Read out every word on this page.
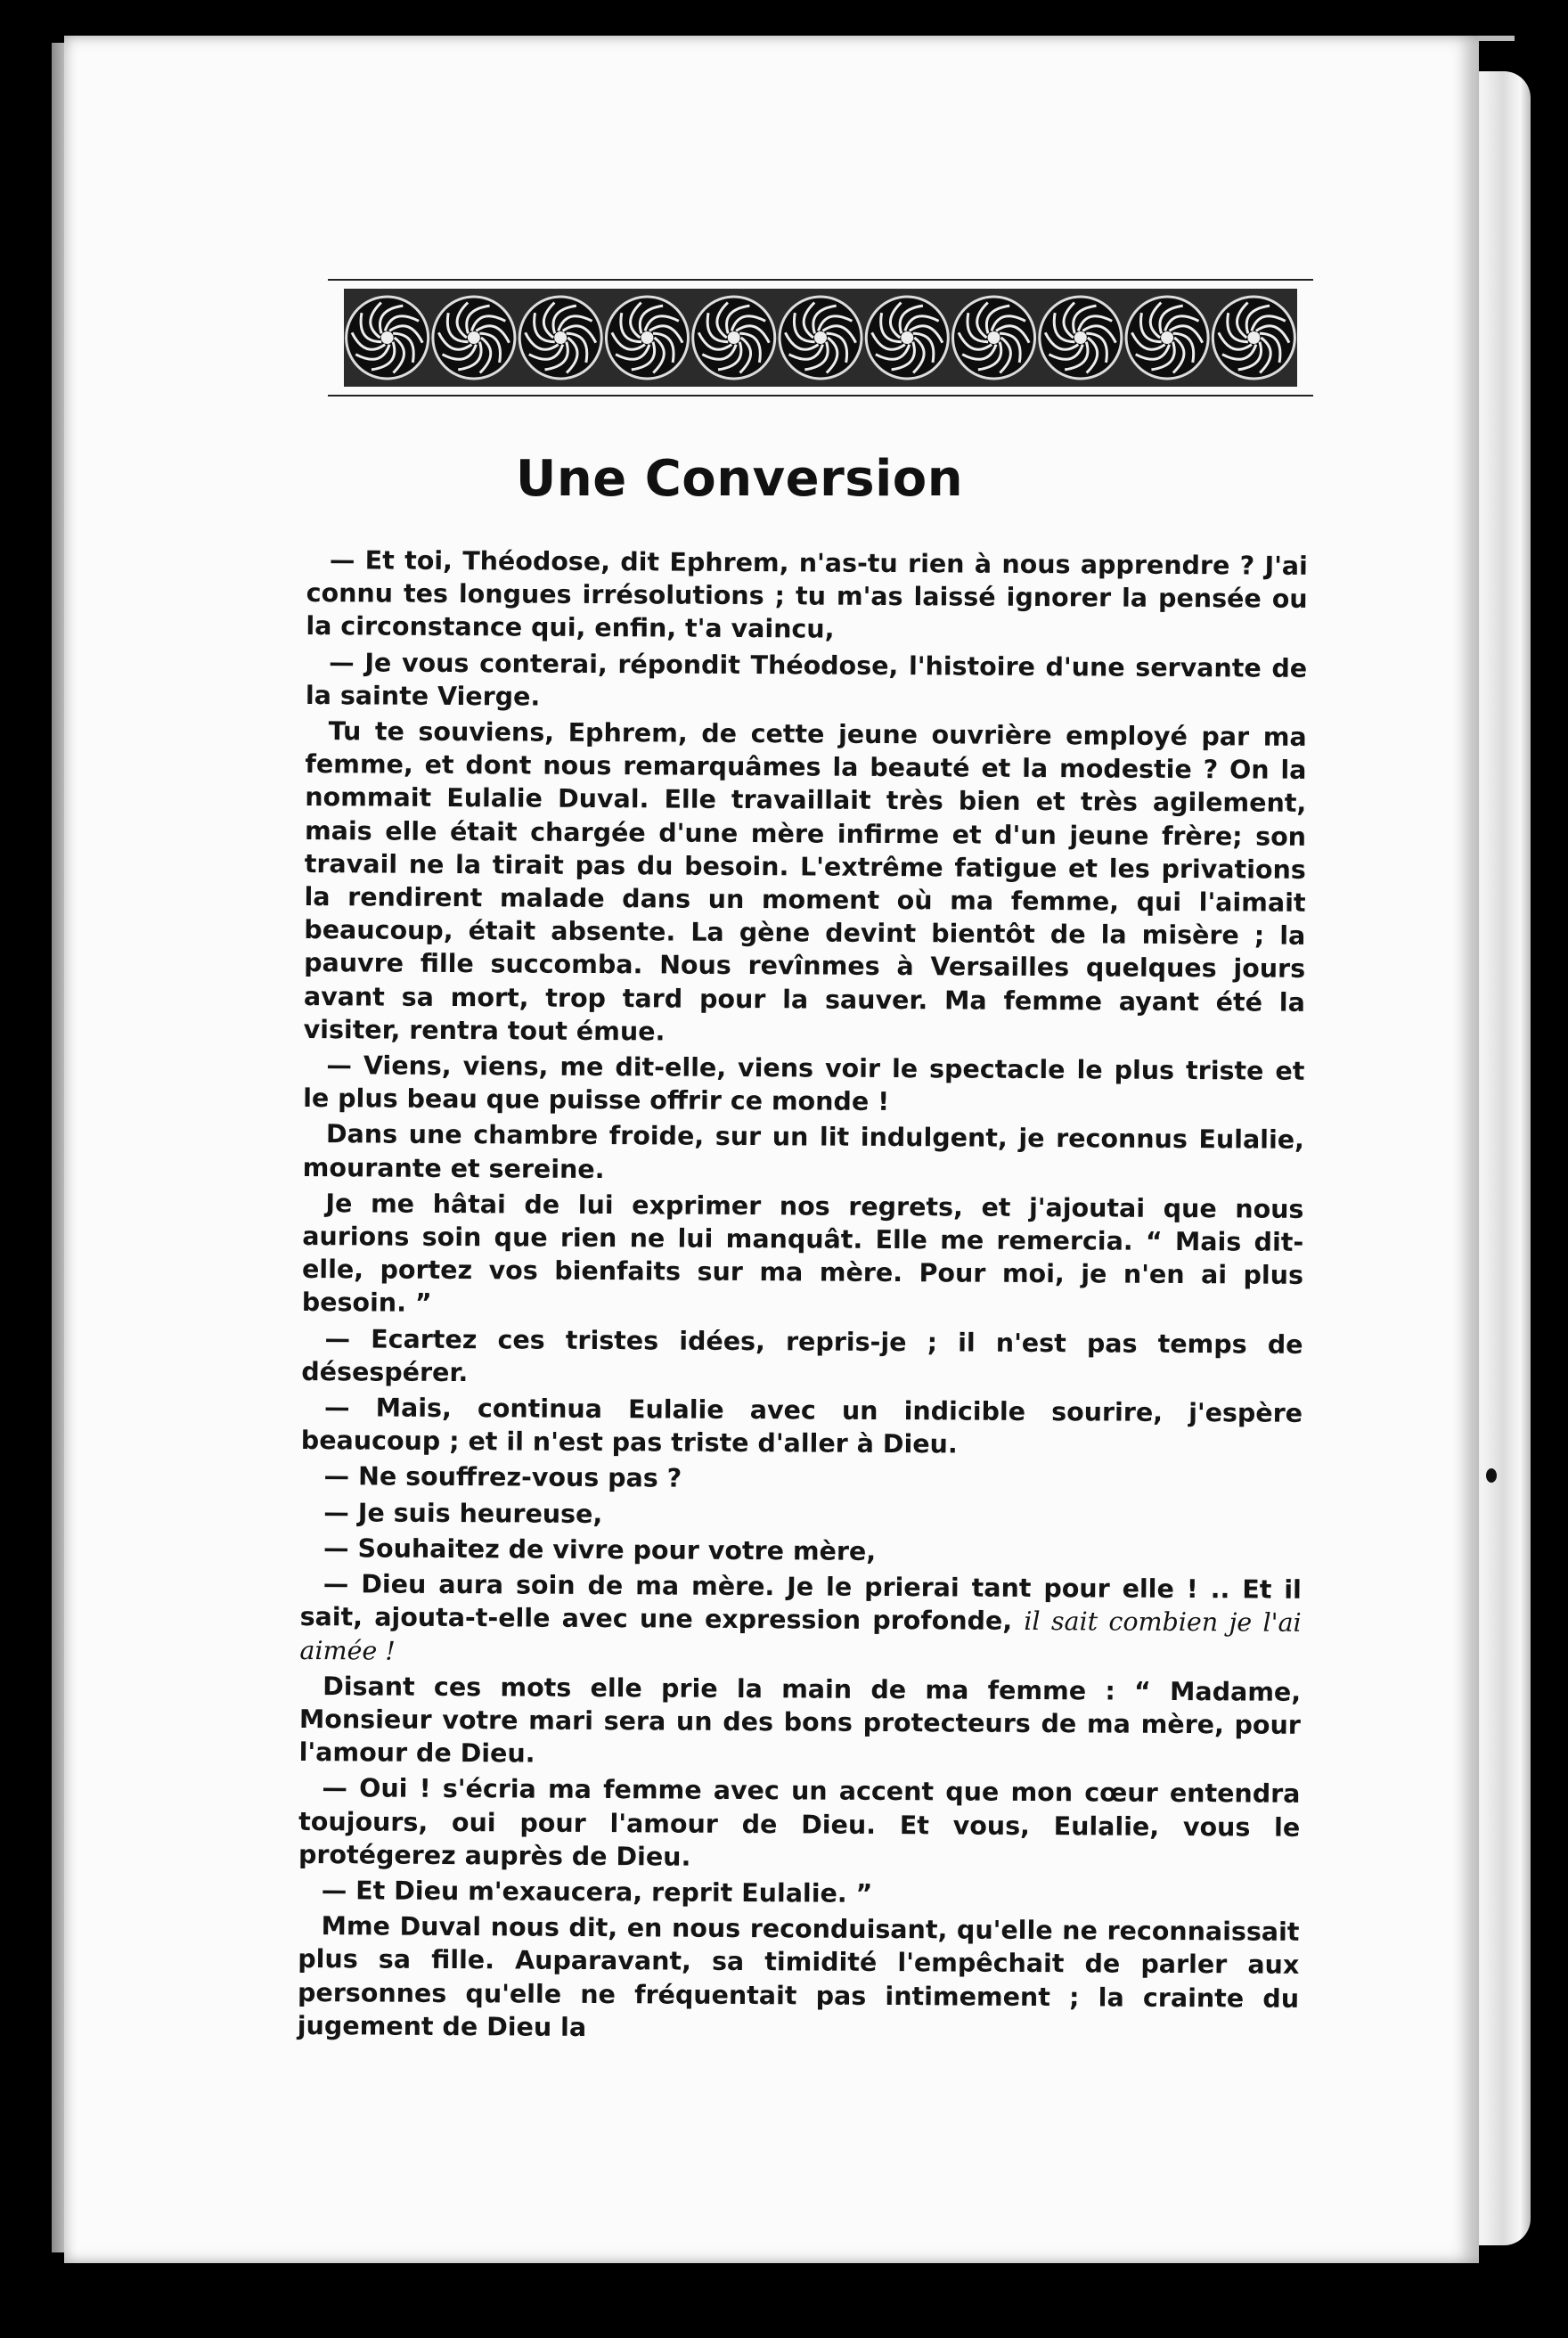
Une Conversion

— Et toi, Théodose, dit Ephrem, n'as-tu rien à nous apprendre ? J'ai connu tes longues irrésolutions ; tu m'as laissé ignorer la pensée ou la circonstance qui, enfin, t'a vaincu,

— Je vous conterai, répondit Théodose, l'histoire d'une servante de la sainte Vierge.

Tu te souviens, Ephrem, de cette jeune ouvrière employé par ma femme, et dont nous remarquâmes la beauté et la modestie ? On la nommait Eulalie Duval. Elle travaillait très bien et très agilement, mais elle était chargée d'une mère infirme et d'un jeune frère; son travail ne la tirait pas du besoin. L'extrême fatigue et les privations la rendirent malade dans un moment où ma femme, qui l'aimait beaucoup, était absente. La gène devint bientôt de la misère ; la pauvre fille succomba. Nous revînmes à Versailles quelques jours avant sa mort, trop tard pour la sauver. Ma femme ayant été la visiter, rentra tout émue.

— Viens, viens, me dit-elle, viens voir le spectacle le plus triste et le plus beau que puisse offrir ce monde !

Dans une chambre froide, sur un lit indulgent, je reconnus Eulalie, mourante et sereine.

Je me hâtai de lui exprimer nos regrets, et j'ajoutai que nous aurions soin que rien ne lui manquât. Elle me remercia. “ Mais dit-elle, portez vos bienfaits sur ma mère. Pour moi, je n'en ai plus besoin. ”

— Ecartez ces tristes idées, repris-je ; il n'est pas temps de désespérer.

— Mais, continua Eulalie avec un indicible sourire, j'espère beaucoup ; et il n'est pas triste d'aller à Dieu.

— Ne souffrez-vous pas ?

— Je suis heureuse,

— Souhaitez de vivre pour votre mère,

— Dieu aura soin de ma mère. Je le prierai tant pour elle ! .. Et il sait, ajouta-t-elle avec une expression profonde, il sait combien je l'ai aimée !

Disant ces mots elle prie la main de ma femme : “ Madame, Monsieur votre mari sera un des bons protecteurs de ma mère, pour l'amour de Dieu.

— Oui ! s'écria ma femme avec un accent que mon cœur entendra toujours, oui pour l'amour de Dieu. Et vous, Eulalie, vous le protégerez auprès de Dieu.

— Et Dieu m'exaucera, reprit Eulalie. ”

Mme Duval nous dit, en nous reconduisant, qu'elle ne reconnaissait plus sa fille. Auparavant, sa timidité l'empêchait de parler aux personnes qu'elle ne fréquentait pas intimement ; la crainte du jugement de Dieu la
